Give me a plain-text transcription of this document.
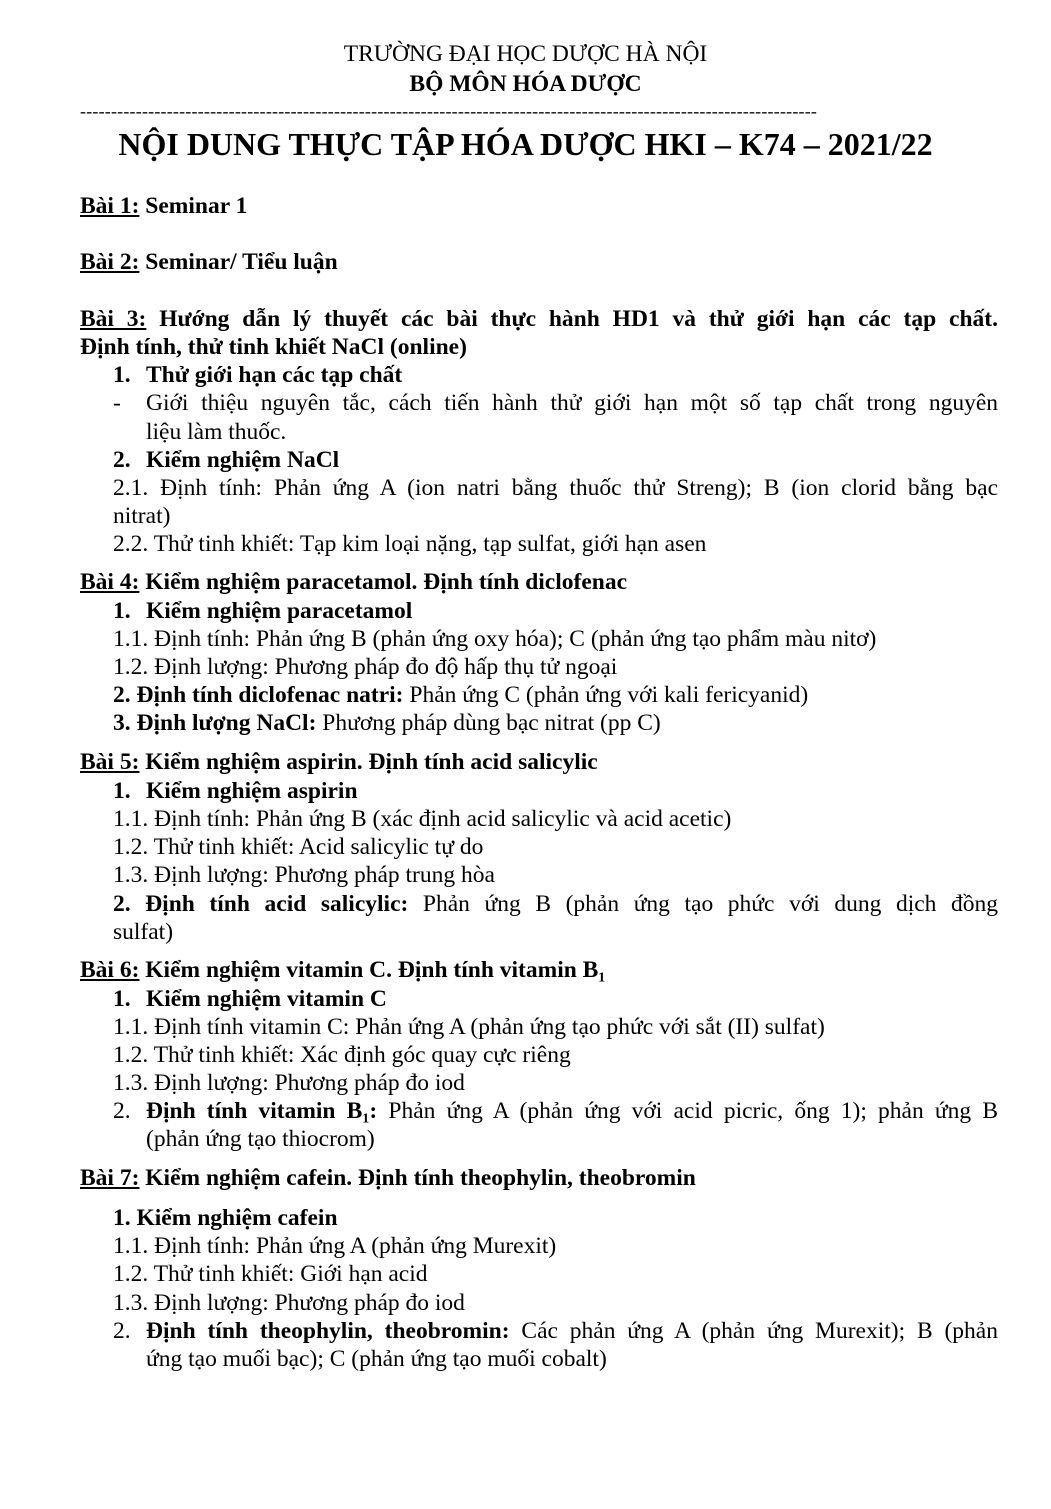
TRƯỜNG ĐẠI HỌC DƯỢC HÀ NỘI
BỘ MÔN HÓA DƯỢC
-----------------------------------------------------------------------------------------------------------------------
NỘI DUNG THỰC TẬP HÓA DƯỢC HKI – K74 – 2021/22
Bài 1: Seminar 1
Bài 2: Seminar/ Tiểu luận
Bài 3: Hướng dẫn lý thuyết các bài thực hành HD1 và thử giới hạn các tạp chất.
Định tính, thử tinh khiết NaCl (online)
1. Thử giới hạn các tạp chất
-	Giới thiệu nguyên tắc, cách tiến hành thử giới hạn một số tạp chất trong nguyên
liệu làm thuốc.
2. Kiểm nghiệm NaCl
2.1. Định tính: Phản ứng A (ion natri bằng thuốc thử Streng); B (ion clorid bằng bạc
nitrat)
2.2. Thử tinh khiết: Tạp kim loại nặng, tạp sulfat, giới hạn asen
Bài 4: Kiểm nghiệm paracetamol. Định tính diclofenac
1. Kiểm nghiệm paracetamol
1.1. Định tính: Phản ứng B (phản ứng oxy hóa); C (phản ứng tạo phẩm màu nitơ)
1.2. Định lượng: Phương pháp đo độ hấp thụ tử ngoại
2. Định tính diclofenac natri: Phản ứng C (phản ứng với kali fericyanid)
3. Định lượng NaCl: Phương pháp dùng bạc nitrat (pp C)
Bài 5: Kiểm nghiệm aspirin. Định tính acid salicylic
1. Kiểm nghiệm aspirin
1.1. Định tính: Phản ứng B (xác định acid salicylic và acid acetic)
1.2. Thử tinh khiết: Acid salicylic tự do
1.3. Định lượng: Phương pháp trung hòa
2. Định tính acid salicylic: Phản ứng B (phản ứng tạo phức với dung dịch đồng
sulfat)
Bài 6: Kiểm nghiệm vitamin C. Định tính vitamin B₁
1. Kiểm nghiệm vitamin C
1.1. Định tính vitamin C: Phản ứng A (phản ứng tạo phức với sắt (II) sulfat)
1.2. Thử tinh khiết: Xác định góc quay cực riêng
1.3. Định lượng: Phương pháp đo iod
2. Định tính vitamin B₁: Phản ứng A (phản ứng với acid picric, ống 1); phản ứng B
(phản ứng tạo thiocrom)
Bài 7: Kiểm nghiệm cafein. Định tính theophylin, theobromin
1. Kiểm nghiệm cafein
1.1. Định tính: Phản ứng A (phản ứng Murexit)
1.2. Thử tinh khiết: Giới hạn acid
1.3. Định lượng: Phương pháp đo iod
2. Định tính theophylin, theobromin: Các phản ứng A (phản ứng Murexit); B (phản
ứng tạo muối bạc); C (phản ứng tạo muối cobalt)
